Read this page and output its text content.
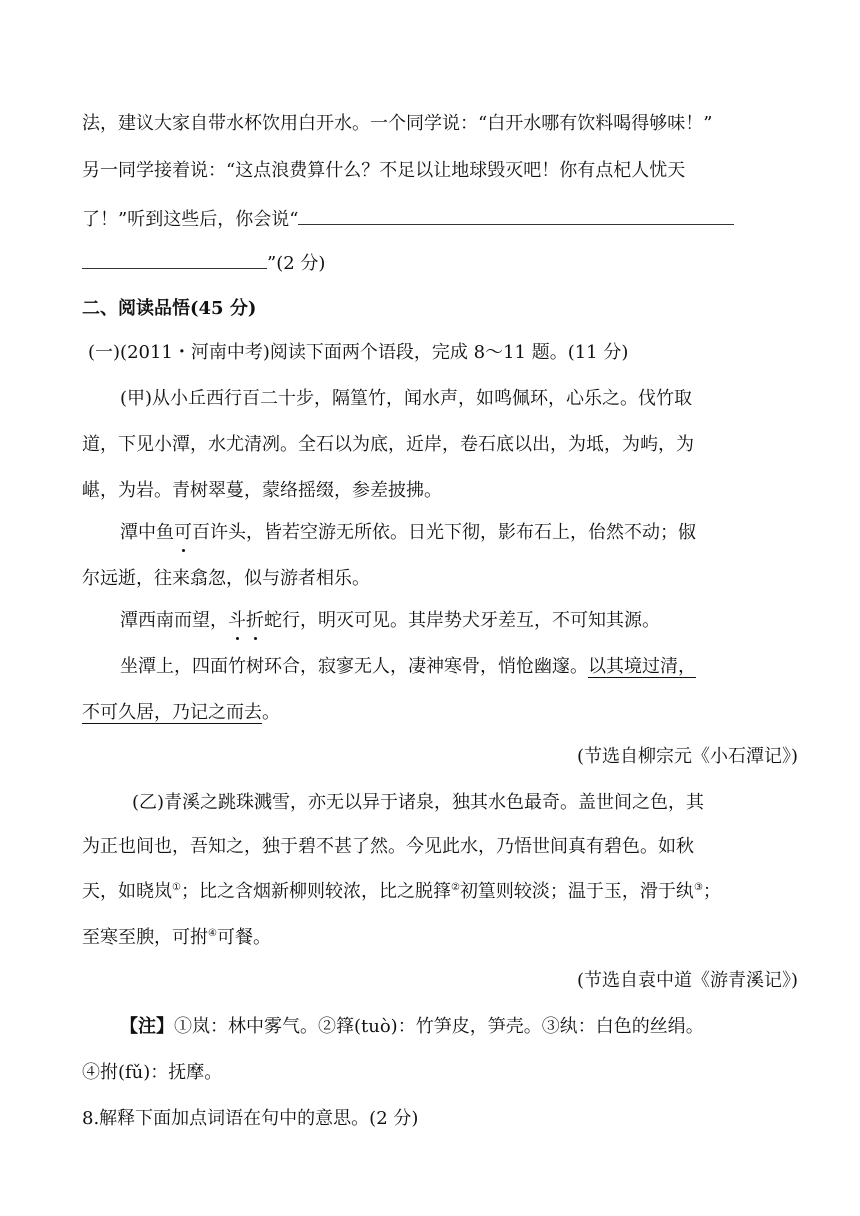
法，建议大家自带水杯饮用白开水。一个同学说：“白开水哪有饮料喝得够味！”
另一同学接着说：“这点浪费算什么？不足以让地球毁灭吧！你有点杞人忧天
了！”听到这些后，你会说“
”(2 分)
二、阅读品悟(45 分)
(一)(2011・河南中考)阅读下面两个语段，完成 8～11 题。(11 分)
(甲)从小丘西行百二十步，隔篁竹，闻水声，如鸣佩环，心乐之。伐竹取
道，下见小潭，水尤清冽。全石以为底，近岸，卷石底以出，为坻，为屿，为
嵁，为岩。青树翠蔓，蒙络摇缀，参差披拂。
潭中鱼可百许头，皆若空游无所依。日光下彻，影布石上，佁然不动；俶
尔远逝，往来翕忽，似与游者相乐。
潭西南而望，斗折蛇行，明灭可见。其岸势犬牙差互，不可知其源。
坐潭上，四面竹树环合，寂寥无人，凄神寒骨，悄怆幽邃。以其境过清，
不可久居，乃记之而去。
(节选自柳宗元《小石潭记》)
(乙)青溪之跳珠溅雪，亦无以异于诸泉，独其水色最奇。盖世间之色，其
为正也间也，吾知之，独于碧不甚了然。今见此水，乃悟世间真有碧色。如秋
天，如晓岚①；比之含烟新柳则较浓，比之脱箨②初篁则较淡；温于玉，滑于纨③；
至寒至腴，可拊④可餐。
(节选自袁中道《游青溪记》)
【注】①岚：林中雾气。②箨(tuò)：竹笋皮，笋壳。③纨：白色的丝绢。
④拊(fǔ)：抚摩。
8.解释下面加点词语在句中的意思。(2 分)
